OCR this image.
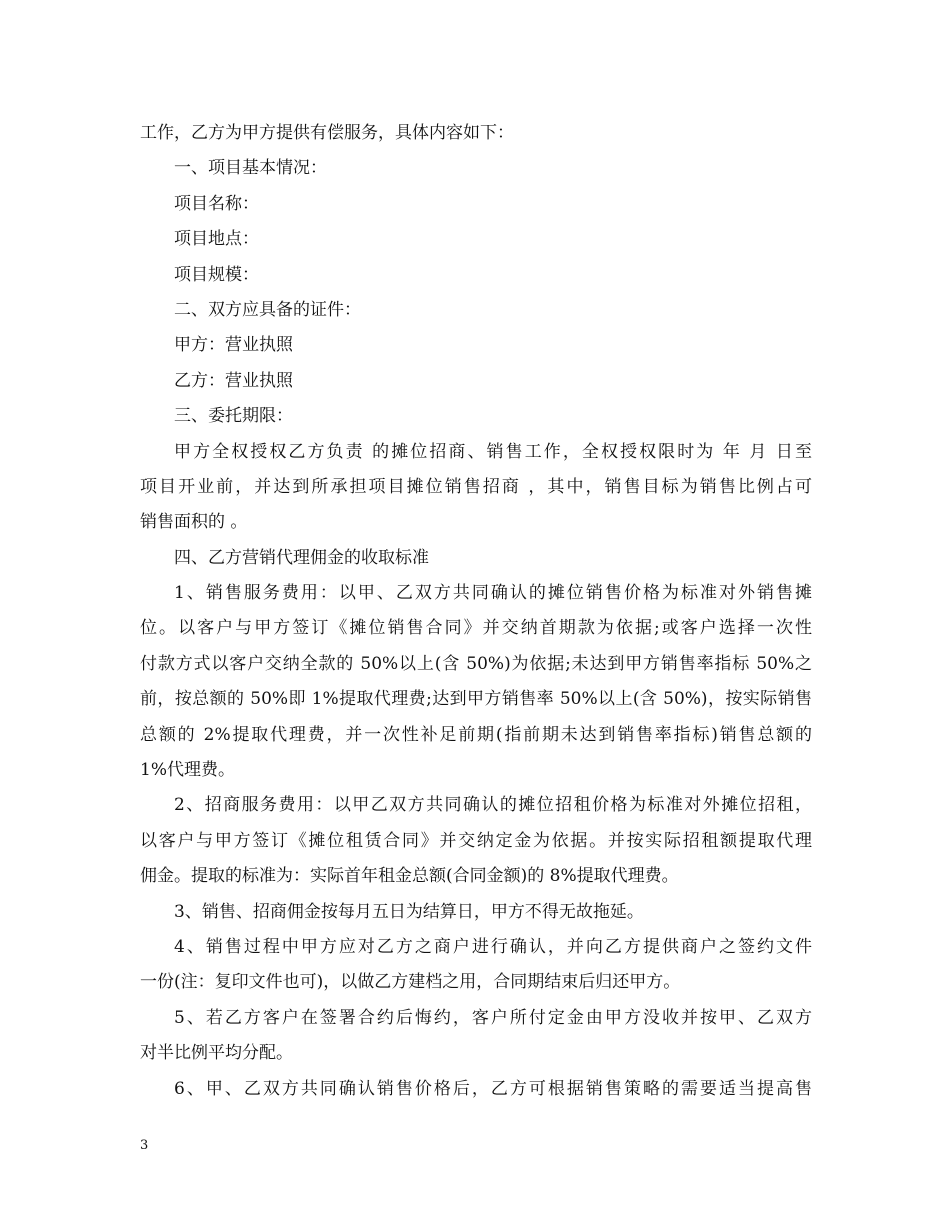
工作，乙方为甲方提供有偿服务，具体内容如下：
一、项目基本情况：
项目名称：
项目地点：
项目规模：
二、双方应具备的证件：
甲方：营业执照
乙方：营业执照
三、委托期限：
甲方全权授权乙方负责 的摊位招商、销售工作，全权授权限时为 年 月 日至
项目开业前，并达到所承担项目摊位销售招商 ，其中，销售目标为销售比例占可
销售面积的 。
四、乙方营销代理佣金的收取标准
1、销售服务费用：以甲、乙双方共同确认的摊位销售价格为标准对外销售摊
位。以客户与甲方签订《摊位销售合同》并交纳首期款为依据;或客户选择一次性
付款方式以客户交纳全款的 50%以上(含 50%)为依据;未达到甲方销售率指标 50%之
前，按总额的 50%即 1%提取代理费;达到甲方销售率 50%以上(含 50%)，按实际销售
总额的 2%提取代理费，并一次性补足前期(指前期未达到销售率指标)销售总额的
1%代理费。
2、招商服务费用：以甲乙双方共同确认的摊位招租价格为标准对外摊位招租，
以客户与甲方签订《摊位租赁合同》并交纳定金为依据。并按实际招租额提取代理
佣金。提取的标准为：实际首年租金总额(合同金额)的 8%提取代理费。
3、销售、招商佣金按每月五日为结算日，甲方不得无故拖延。
4、销售过程中甲方应对乙方之商户进行确认，并向乙方提供商户之签约文件
一份(注：复印文件也可)，以做乙方建档之用，合同期结束后归还甲方。
5、若乙方客户在签署合约后悔约，客户所付定金由甲方没收并按甲、乙双方
对半比例平均分配。
6、甲、乙双方共同确认销售价格后，乙方可根据销售策略的需要适当提高售
3
